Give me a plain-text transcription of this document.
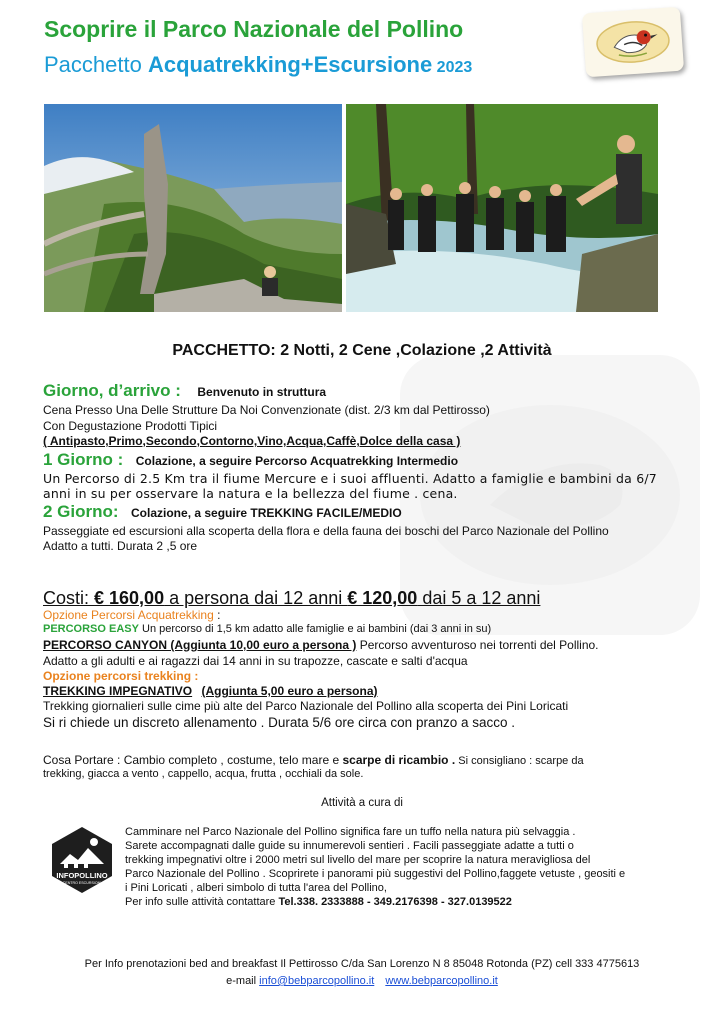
Scoprire il Parco Nazionale del Pollino
Pacchetto Acquatrekking+Escursione 2023
PACCHETTO: 2 Notti, 2 Cene ,Colazione ,2 Attività
Giorno, d’arrivo : Benvenuto in struttura
Cena Presso Una Delle Strutture Da Noi Convenzionate (dist. 2/3 km dal Pettirosso)
Con Degustazione Prodotti Tipici
( Antipasto,Primo,Secondo,Contorno,Vino,Acqua,Caffè,Dolce della casa )
1 Giorno : Colazione, a seguire Percorso Acquatrekking Intermedio
Un Percorso di 2.5 Km tra il fiume Mercure e i suoi affluenti. Adatto a famiglie e bambini da 6/7
anni in su per osservare la natura e la bellezza del fiume . cena.
2 Giorno: Colazione, a seguire TREKKING FACILE/MEDIO
Passeggiate ed escursioni alla scoperta della flora e della fauna dei boschi del Parco Nazionale del Pollino
Adatto a tutti. Durata 2 ,5 ore
Costi: € 160,00 a persona dai 12 anni € 120,00 dai 5 a 12 anni
Opzione Percorsi Acquatrekking :
PERCORSO EASY Un percorso di 1,5 km adatto alle famiglie e ai bambini (dai 3 anni in su)
PERCORSO CANYON (Aggiunta 10,00 euro a persona ) Percorso avventuroso nei torrenti del Pollino.
Adatto a gli adulti e ai ragazzi dai 14 anni in su trapozze, cascate e salti d'acqua
Opzione percorsi trekking :
TREKKING IMPEGNATIVO (Aggiunta 5,00 euro a persona)
Trekking giornalieri sulle cime più alte del Parco Nazionale del Pollino alla scoperta dei Pini Loricati
Si ri chiede un discreto allenamento . Durata 5/6 ore circa con pranzo a sacco .
Cosa Portare : Cambio completo , costume, telo mare e scarpe di ricambio . Si consigliano : scarpe da
trekking, giacca a vento , cappello, acqua, frutta , occhiali da sole.
Attività a cura di
INFOPOLLINO
CENTRO ESCURSIONI
Camminare nel Parco Nazionale del Pollino significa fare un tuffo nella natura più selvaggia .
Sarete accompagnati dalle guide su innumerevoli sentieri . Facili passeggiate adatte a tutti o
trekking impegnativi oltre i 2000 metri sul livello del mare per scoprire la natura meravigliosa del
Parco Nazionale del Pollino . Scoprirete i panorami più suggestivi del Pollino,faggete vetuste , geositi e
i Pini Loricati , alberi simbolo di tutta l'area del Pollino,
Per info sulle attività contattare Tel.338. 2333888 - 349.2176398 - 327.0139522
Per Info prenotazioni bed and breakfast Il Pettirosso C/da San Lorenzo N 8 85048 Rotonda (PZ) cell 333 4775613
e-mail info@bebparcopollino.it www.bebparcopollino.it
